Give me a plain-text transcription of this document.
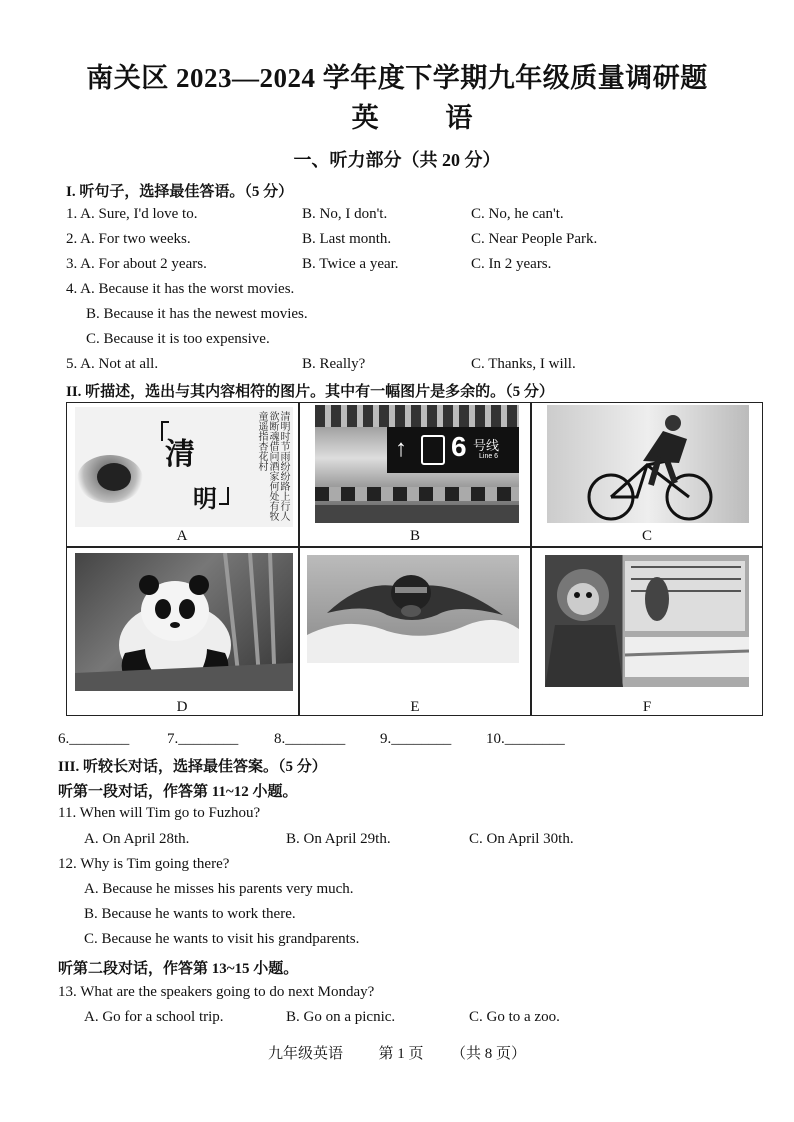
南关区 2023—2024 学年度下学期九年级质量调研题
英 语
一、听力部分（共 20 分）
I. 听句子，选择最佳答语。（5 分）
1. A. Sure, I'd love to.	B. No, I don't.	C. No, he can't.
2. A. For two weeks.	B. Last month.	C. Near People Park.
3. A. For about 2 years.	B. Twice a year.	C. In 2 years.
4. A. Because it has the worst movies.
B. Because it has the newest movies.
C. Because it is too expensive.
5. A. Not at all.	B. Really?	C. Thanks, I will.
II. 听描述，选出与其内容相符的图片。其中有一幅图片是多余的。（5 分）
清
明	清明时节雨纷纷路上行人欲断魂借问酒家何处有牧童遥指杏花村
A
↑ 6 号线
Line 6
B	C
D	E	F
6.________	7.________ 8.________ 9.________ 10.________
III. 听较长对话，选择最佳答案。（5 分）
听第一段对话，作答第 11~12 小题。
11. When will Tim go to Fuzhou?
A. On April 28th.	B. On April 29th.	C. On April 30th.
12. Why is Tim going there?
A. Because he misses his parents very much.
B. Because he wants to work there.
C. Because he wants to visit his grandparents.
听第二段对话，作答第 13~15 小题。
13. What are the speakers going to do next Monday?
A. Go for a school trip.	B. Go on a picnic.	C. Go to a zoo.
九年级英语 第 1 页 （共 8 页）
